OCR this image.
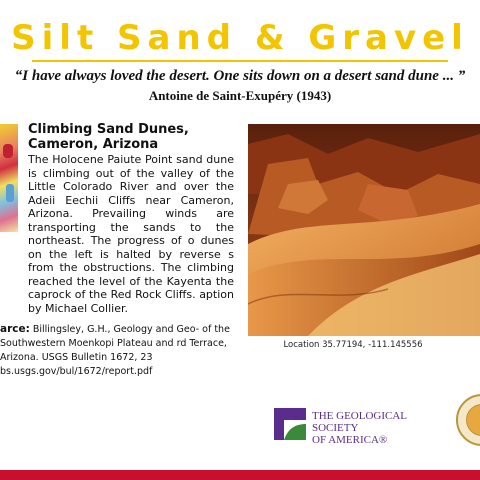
Silt Sand & Gravel
“I have always loved the desert. One sits down on a desert sand dune ... ”
Antoine de Saint-Exupéry (1943)
Climbing Sand Dunes,
Cameron, Arizona
The Holocene Paiute Point sand dune is climbing out of the valley of the Little Colorado River and over the Adeii Eechii Cliffs near Cameron, Arizona. Prevailing winds are transporting the sands to the northeast. The progress of o dunes on the left is halted by reverse s from the obstructions. The climbing reached the level of the Kayenta the caprock of the Red Rock Cliffs. aption by Michael Collier.
arce: Billingsley, G.H., Geology and Geo- of the Southwestern Moenkopi Plateau and rd Terrace, Arizona. USGS Bulletin 1672, 23 bs.usgs.gov/bul/1672/report.pdf
Location 35.77194, -111.145556
THE GEOLOGICAL SOCIETY
OF AMERICA®
